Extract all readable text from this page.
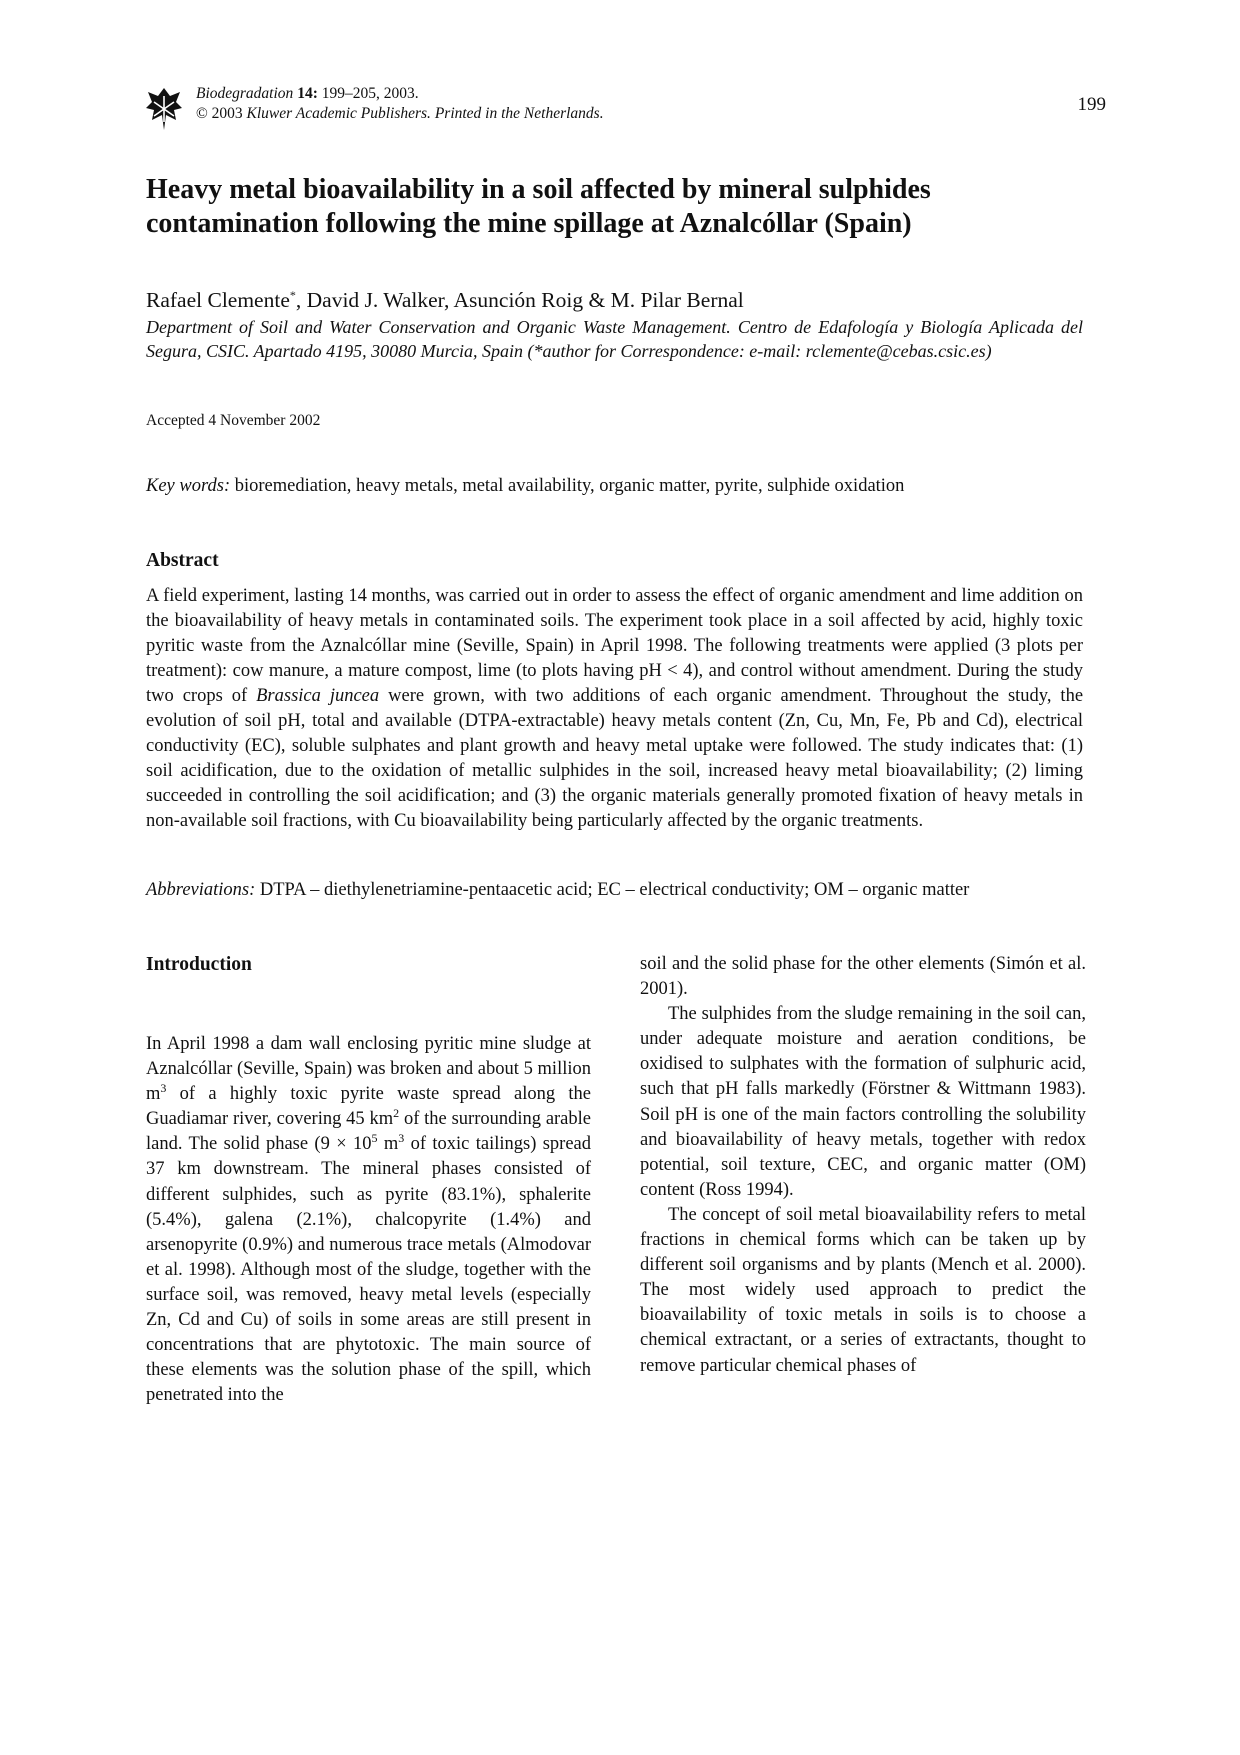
Biodegradation 14: 199–205, 2003.
© 2003 Kluwer Academic Publishers. Printed in the Netherlands.	199
Heavy metal bioavailability in a soil affected by mineral sulphides
contamination following the mine spillage at Aznalcóllar (Spain)
Rafael Clemente*, David J. Walker, Asunción Roig & M. Pilar Bernal
Department of Soil and Water Conservation and Organic Waste Management. Centro de Edafología y Biología Aplicada del Segura, CSIC. Apartado 4195, 30080 Murcia, Spain (*author for Correspondence: e-mail: rclemente@cebas.csic.es)
Accepted 4 November 2002
Key words: bioremediation, heavy metals, metal availability, organic matter, pyrite, sulphide oxidation
Abstract
A field experiment, lasting 14 months, was carried out in order to assess the effect of organic amendment and lime addition on the bioavailability of heavy metals in contaminated soils. The experiment took place in a soil affected by acid, highly toxic pyritic waste from the Aznalcóllar mine (Seville, Spain) in April 1998. The following treatments were applied (3 plots per treatment): cow manure, a mature compost, lime (to plots having pH < 4), and control without amendment. During the study two crops of Brassica juncea were grown, with two additions of each organic amendment. Throughout the study, the evolution of soil pH, total and available (DTPA-extractable) heavy metals content (Zn, Cu, Mn, Fe, Pb and Cd), electrical conductivity (EC), soluble sulphates and plant growth and heavy metal uptake were followed. The study indicates that: (1) soil acidification, due to the oxidation of metallic sulphides in the soil, increased heavy metal bioavailability; (2) liming succeeded in controlling the soil acidification; and (3) the organic materials generally promoted fixation of heavy metals in non-available soil fractions, with Cu bioavailability being particularly affected by the organic treatments.
Abbreviations: DTPA – diethylenetriamine-pentaacetic acid; EC – electrical conductivity; OM – organic matter
Introduction

In April 1998 a dam wall enclosing pyritic mine sludge at Aznalcóllar (Seville, Spain) was broken and about 5 million $m^3$ of a highly toxic pyrite waste spread along the Guadiamar river, covering 45 $km^2$ of the surrounding arable land. The solid phase ($9 \times 10^5$ $m^3$ of toxic tailings) spread 37 km downstream. The mineral phases consisted of different sulphides, such as pyrite (83.1%), sphalerite (5.4%), galena (2.1%), chalcopyrite (1.4%) and arsenopyrite (0.9%) and numerous trace metals (Almodovar et al. 1998). Although most of the sludge, together with the surface soil, was removed, heavy metal levels (especially Zn, Cd and Cu) of soils in some areas are still present in concentrations that are phytotoxic. The main source of these elements was the solution phase of the spill, which penetrated into the

soil and the solid phase for the other elements (Simón et al. 2001).

The sulphides from the sludge remaining in the soil can, under adequate moisture and aeration conditions, be oxidised to sulphates with the formation of sulphuric acid, such that pH falls markedly (Förstner & Wittmann 1983). Soil pH is one of the main factors controlling the solubility and bioavailability of heavy metals, together with redox potential, soil texture, CEC, and organic matter (OM) content (Ross 1994).

The concept of soil metal bioavailability refers to metal fractions in chemical forms which can be taken up by different soil organisms and by plants (Mench et al. 2000). The most widely used approach to predict the bioavailability of toxic metals in soils is to choose a chemical extractant, or a series of extractants, thought to remove particular chemical phases of
